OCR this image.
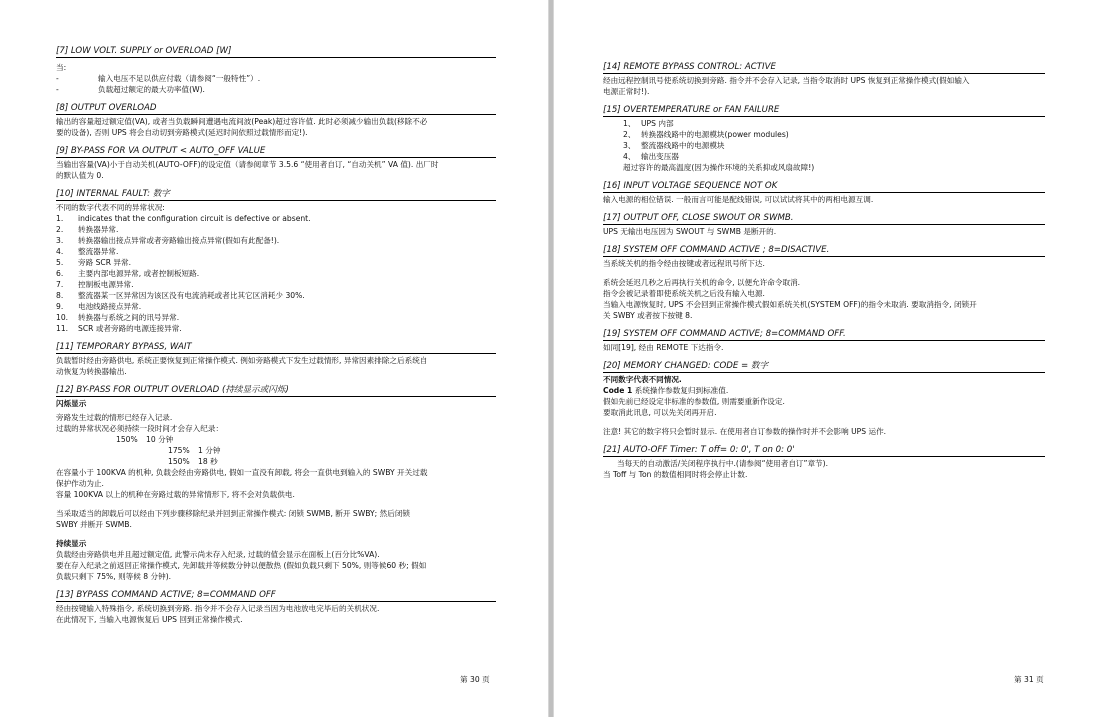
[7] LOW VOLT. SUPPLY or OVERLOAD [W]

当:

-	输入电压不足以供应付载（请参阅“一般特性”）.
-	负载超过额定的最大功率值(W).
[8] OUTPUT OVERLOAD

输出的容量超过额定值(VA), 或者当负载瞬间遭遇电流间波(Peak)超过容许值. 此时必须减少输出负载(移除不必

要的设备), 否则 UPS 将会自动切到旁路模式(延迟时间依照过载情形而定!).

[9] BY-PASS FOR VA OUTPUT < AUTO_OFF VALUE

当输出容量(VA)小于自动关机(AUTO-OFF)的设定值（请参阅章节 3.5.6 “使用者自订, “自动关机” VA 值). 出厂时

的默认值为 0.

[10] INTERNAL FAULT: 数字

不同的数字代表不同的异常状况:

1.	indicates that the configuration circuit is defective or absent.
2.	转换器异常.
3.	转换器输出接点异常或者旁路输出接点异常(假如有此配备!).
4.	整流器异常.
5.	旁路 SCR 异常.
6.	主要内部电源异常, 或者控制板短路.
7.	控制板电源异常.
8.	整流器某一区异常因为该区没有电流消耗或者比其它区消耗少 30%.
9.	电池线路接点异常.
10.	转换器与系统之间的讯号异常.
11.	SCR 或者旁路的电源连接异常.
[11] TEMPORARY BYPASS, WAIT

负载暂时经由旁路供电, 系统正要恢复到正常操作模式. 例如旁路模式下发生过载情形, 异常因素排除之后系统自

动恢复为转换器输出.

[12] BY-PASS FOR OUTPUT OVERLOAD (持续显示或闪烁)

闪烁显示

旁路发生过载的情形已经存入记录.

过载的异常状况必须持续一段时间才会存入纪录：

150%	10 分钟
175%	1 分钟
150%	18 秒

在容量小于 100KVA 的机种, 负载会经由旁路供电, 假如一直没有卸载, 将会一直供电到输入的 SWBY 开关过载

保护作动为止.

容量 100KVA 以上的机种在旁路过载的异常情形下, 将不会对负载供电.

当采取适当的卸载后可以经由下列步骤移除纪录并回到正常操作模式: 闭锁 SWMB, 断开 SWBY; 然后闭锁

SWBY 并断开 SWMB.

持续显示

负载经由旁路供电并且超过额定值, 此警示尚未存入纪录, 过载的值会显示在面板上(百分比%VA).

要在存入纪录之前返回正常操作模式, 先卸载并等候数分钟以便散热 (假如负载只剩下 50%, 则等候60 秒; 假如

负载只剩下 75%, 则等候 8 分钟).

[13] BYPASS COMMAND ACTIVE; 8=COMMAND OFF

经由按键输入特殊指令, 系统切换到旁路. 指令并不会存入记录当因为电池放电完毕后的关机状况.

在此情况下, 当输入电源恢复后 UPS 回到正常操作模式.

第 30 页
[14] REMOTE BYPASS CONTROL: ACTIVE

经由远程控制讯号使系统切换到旁路. 指令并不会存入记录, 当指令取消时 UPS 恢复到正常操作模式(假如输入

电源正常时!).

[15] OVERTEMPERATURE or FAN FAILURE
1、 UPS 内部
2、 转换器线路中的电源模块(power modules)
3、 整流器线路中的电源模块
4、 输出变压器

超过容许的最高温度(因为操作环境的关系抑或风扇故障!)

[16] INPUT VOLTAGE SEQUENCE NOT OK

输入电源的相位错误. 一般而言可能是配线错误, 可以试试将其中的两相电源互调.

[17] OUTPUT OFF, CLOSE SWOUT OR SWMB.

UPS 无输出电压因为 SWOUT 与 SWMB 是断开的.

[18] SYSTEM OFF COMMAND ACTIVE ; 8=DISACTIVE.

当系统关机的指令经由按键或者远程讯号所下达.

系统会延迟几秒之后再执行关机的命令, 以便允许命令取消.

指令会被记录着即使系统关机之后没有输入电源.

当输入电源恢复时, UPS 不会回到正常操作模式假如系统关机(SYSTEM OFF)的指令未取消. 要取消指令, 闭锁开

关 SWBY 或者按下按键 8.

[19] SYSTEM OFF COMMAND ACTIVE; 8=COMMAND OFF.

如同[19], 经由 REMOTE 下达指令.

[20] MEMORY CHANGED: CODE = 数字

不同数字代表不同情况.

Code 1 系统操作参数复归到标准值.

假如先前已经设定非标准的参数值, 则需要重新作设定.

要取消此讯息, 可以先关闭再开启.

注意! 其它的数字将只会暂时显示. 在使用者自订参数的操作时并不会影响 UPS 运作.

[21] AUTO-OFF Timer: T off= 0: 0', T on 0: 0'

当每天的自动激活/关闭程序执行中.(请参阅“使用者自订”章节).

当 Toff 与 Ton 的数值相同时将会停止计数.

第 31 页
